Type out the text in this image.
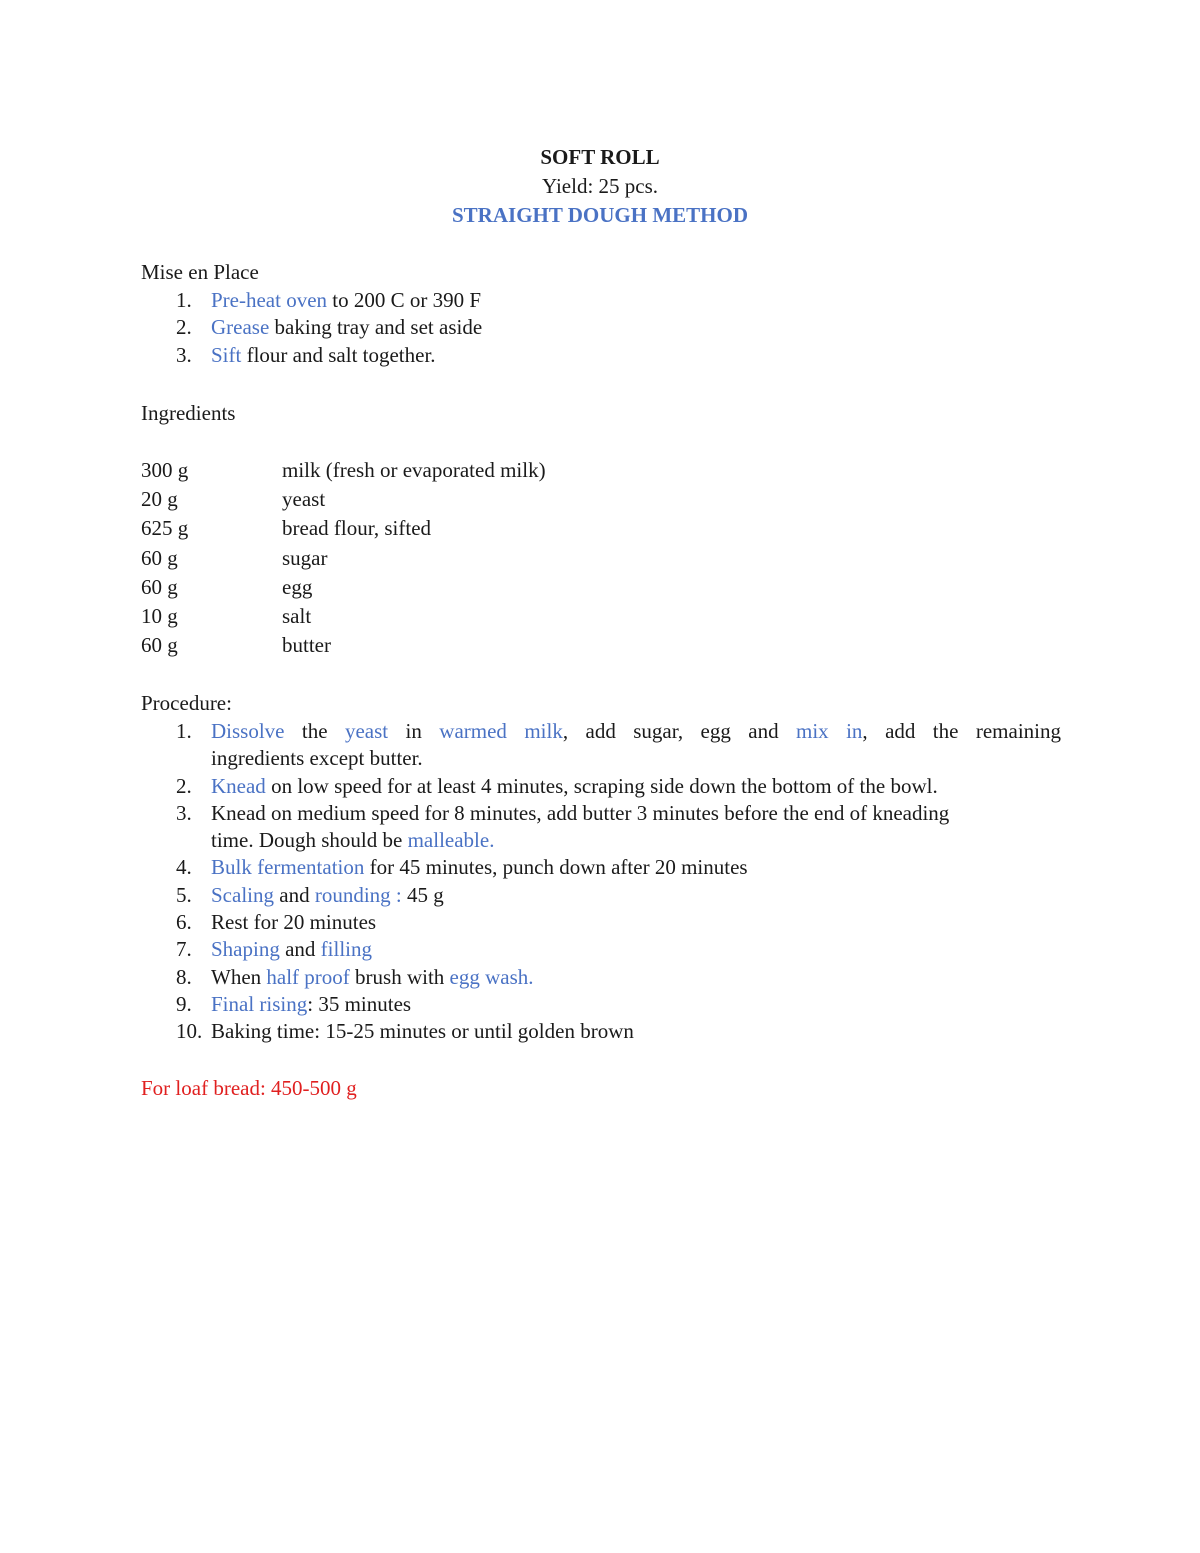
SOFT ROLL
Yield: 25 pcs.
STRAIGHT DOUGH METHOD
Mise en Place
1. Pre-heat oven to 200 C or 390 F
2. Grease baking tray and set aside
3. Sift flour and salt together.
Ingredients
300 g	milk (fresh or evaporated milk)
20 g	yeast
625 g	bread flour, sifted
60 g	sugar
60 g	egg
10 g	salt
60 g	butter
Procedure:
1. Dissolve the yeast in warmed milk, add sugar, egg and mix in, add the remaining
ingredients except butter.
2. Knead on low speed for at least 4 minutes, scraping side down the bottom of the bowl.
3. Knead on medium speed for 8 minutes, add butter 3 minutes before the end of kneading
time. Dough should be malleable.
4. Bulk fermentation for 45 minutes, punch down after 20 minutes
5. Scaling and rounding : 45 g
6. Rest for 20 minutes
7. Shaping and filling
8. When half proof brush with egg wash.
9. Final rising: 35 minutes
10. Baking time: 15-25 minutes or until golden brown
For loaf bread: 450-500 g
